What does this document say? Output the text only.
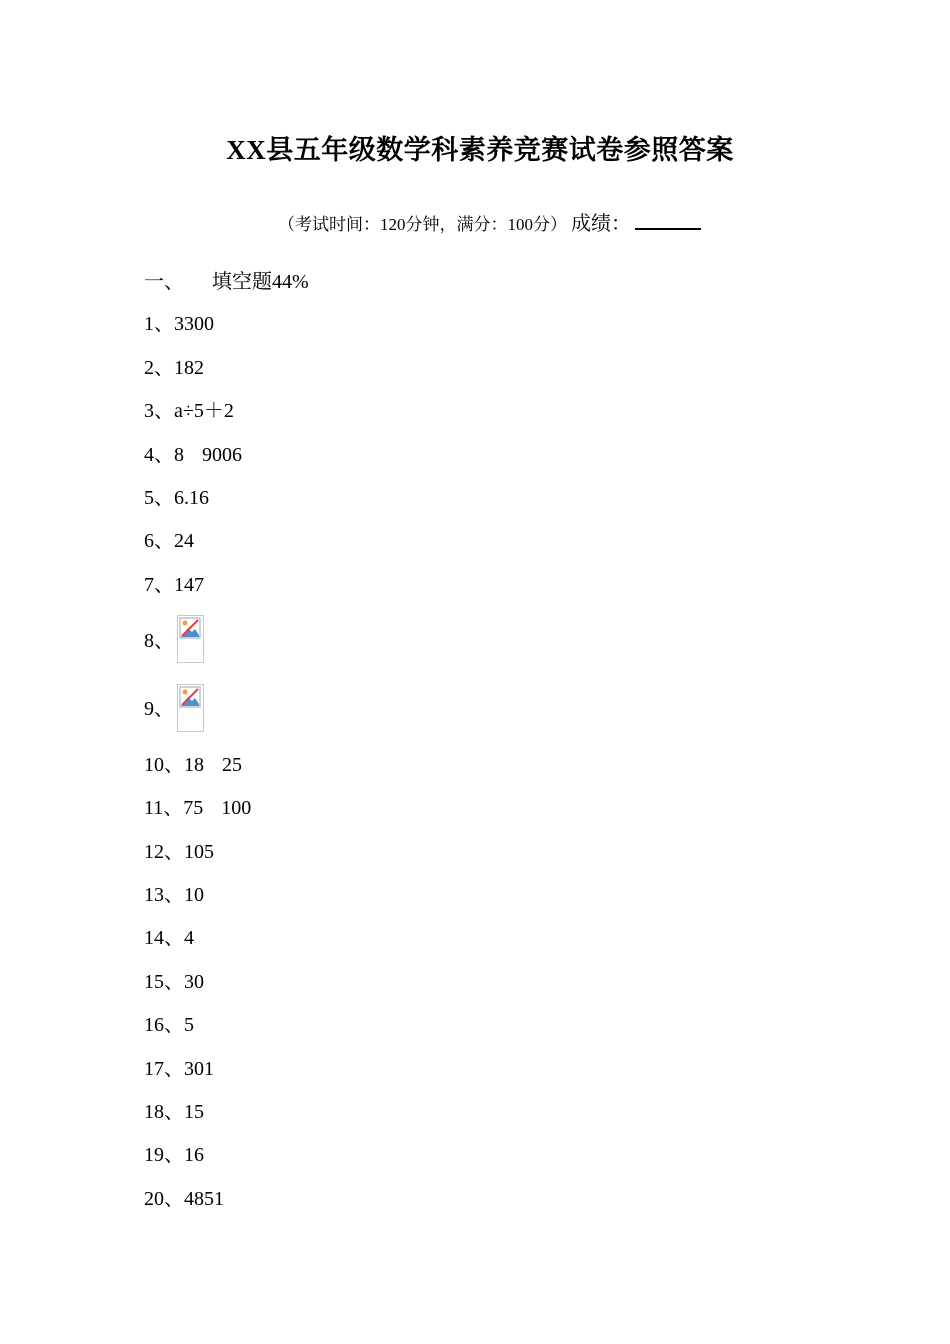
XX县五年级数学科素养竞赛试卷参照答案
（考试时间：120分钟，满分：100分） 成绩：
一、 填空题44%
1、3300
2、182
3、a÷5＋2
4、8 9006
5、6.16
6、24
7、147
8、
9、
10、18 25
11、75 100
12、105
13、10
14、4
15、30
16、5
17、301
18、15
19、16
20、4851
